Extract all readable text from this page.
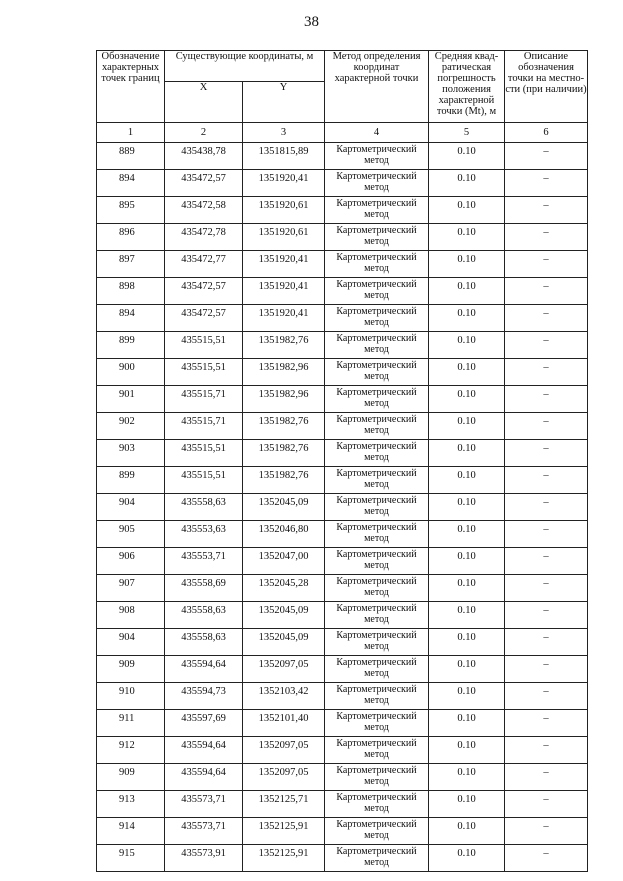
38
Обозначение характерных точек границ	Существующие координаты, м		Метод определения координат характерной точки	Средняя квад-ратическая погрешность положения характерной точки (Mt), м	Описание обозначения точки на местно-сти (при наличии)
	X	Y			
1	2	3	4	5	6
889	435438,78	1351815,89	Картометрический метод	0.10	–
894	435472,57	1351920,41	Картометрический метод	0.10	–
895	435472,58	1351920,61	Картометрический метод	0.10	–
896	435472,78	1351920,61	Картометрический метод	0.10	–
897	435472,77	1351920,41	Картометрический метод	0.10	–
898	435472,57	1351920,41	Картометрический метод	0.10	–
894	435472,57	1351920,41	Картометрический метод	0.10	–
899	435515,51	1351982,76	Картометрический метод	0.10	–
900	435515,51	1351982,96	Картометрический метод	0.10	–
901	435515,71	1351982,96	Картометрический метод	0.10	–
902	435515,71	1351982,76	Картометрический метод	0.10	–
903	435515,51	1351982,76	Картометрический метод	0.10	–
899	435515,51	1351982,76	Картометрический метод	0.10	–
904	435558,63	1352045,09	Картометрический метод	0.10	–
905	435553,63	1352046,80	Картометрический метод	0.10	–
906	435553,71	1352047,00	Картометрический метод	0.10	–
907	435558,69	1352045,28	Картометрический метод	0.10	–
908	435558,63	1352045,09	Картометрический метод	0.10	–
904	435558,63	1352045,09	Картометрический метод	0.10	–
909	435594,64	1352097,05	Картометрический метод	0.10	–
910	435594,73	1352103,42	Картометрический метод	0.10	–
911	435597,69	1352101,40	Картометрический метод	0.10	–
912	435594,64	1352097,05	Картометрический метод	0.10	–
909	435594,64	1352097,05	Картометрический метод	0.10	–
913	435573,71	1352125,71	Картометрический метод	0.10	–
914	435573,71	1352125,91	Картометрический метод	0.10	–
915	435573,91	1352125,91	Картометрический метод	0.10	–
